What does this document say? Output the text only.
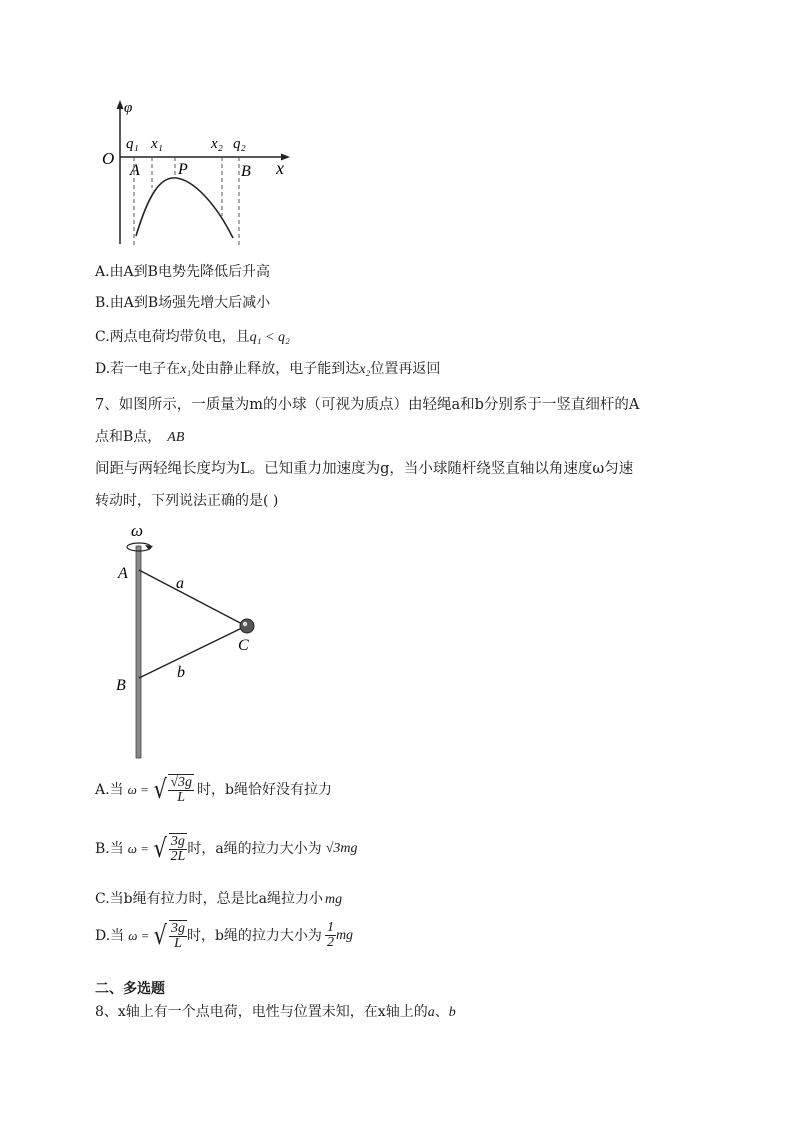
φ
O
q₁ x₁	x₂ q₂
A P	B x
A.由A到B电势先降低后升高
B.由A到B场强先增大后减小
C.两点电荷均带负电，且q₁ < q₂
D.若一电子在x₁处由静止释放，电子能到达x₂位置再返回
7、如图所示，一质量为m的小球（可视为质点）由轻绳a和b分别系于一竖直细杆的A
点和B点， AB
间距与两轻绳长度均为L。已知重力加速度为g，当小球随杆绕竖直轴以角速度ω匀速
转动时，下列说法正确的是( )
ω
A
a
C
B
b
A.当 ω = √ $\frac{√3g}{L}$ 时，b绳恰好没有拉力
B.当 ω = √ $\frac{3g}{2L}$ 时，a绳的拉力大小为 √3mg
C.当b绳有拉力时，总是比a绳拉力小 mg
D.当 ω = √ $\frac{3g}{L}$ 时，b绳的拉力大小为 $\frac{1}{2}$ mg
二、多选题
8、x轴上有一个点电荷，电性与位置未知，在x轴上的a、b
